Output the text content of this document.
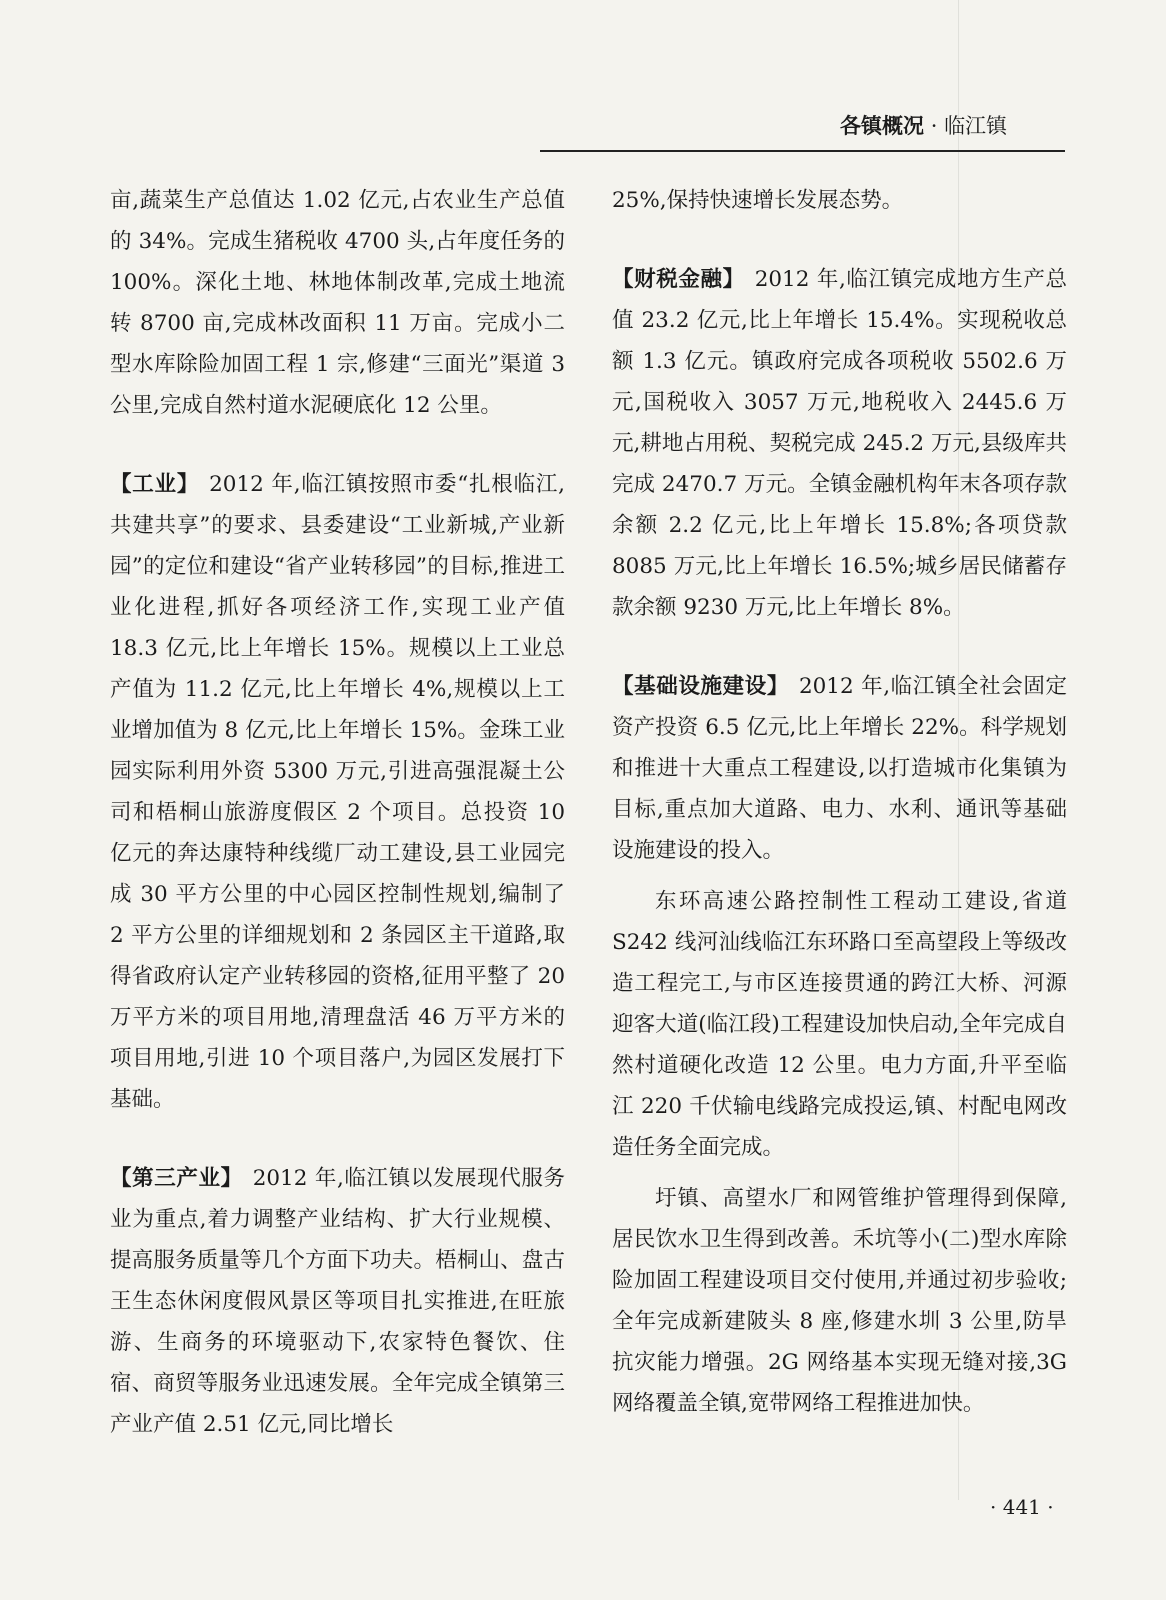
各镇概况 · 临江镇

亩,蔬菜生产总值达 1.02 亿元,占农业生产总值的 34%。完成生猪税收 4700 头,占年度任务的 100%。深化土地、林地体制改革,完成土地流转 8700 亩,完成林改面积 11 万亩。完成小二型水库除险加固工程 1 宗,修建“三面光”渠道 3 公里,完成自然村道水泥硬底化 12 公里。

【工业】 2012 年,临江镇按照市委“扎根临江,共建共享”的要求、县委建设“工业新城,产业新园”的定位和建设“省产业转移园”的目标,推进工业化进程,抓好各项经济工作,实现工业产值 18.3 亿元,比上年增长 15%。规模以上工业总产值为 11.2 亿元,比上年增长 4%,规模以上工业增加值为 8 亿元,比上年增长 15%。金珠工业园实际利用外资 5300 万元,引进高强混凝土公司和梧桐山旅游度假区 2 个项目。总投资 10 亿元的奔达康特种线缆厂动工建设,县工业园完成 30 平方公里的中心园区控制性规划,编制了 2 平方公里的详细规划和 2 条园区主干道路,取得省政府认定产业转移园的资格,征用平整了 20 万平方米的项目用地,清理盘活 46 万平方米的项目用地,引进 10 个项目落户,为园区发展打下基础。

【第三产业】 2012 年,临江镇以发展现代服务业为重点,着力调整产业结构、扩大行业规模、提高服务质量等几个方面下功夫。梧桐山、盘古王生态休闲度假风景区等项目扎实推进,在旺旅游、生商务的环境驱动下,农家特色餐饮、住宿、商贸等服务业迅速发展。全年完成全镇第三产业产值 2.51 亿元,同比增长

25%,保持快速增长发展态势。

【财税金融】 2012 年,临江镇完成地方生产总值 23.2 亿元,比上年增长 15.4%。实现税收总额 1.3 亿元。镇政府完成各项税收 5502.6 万元,国税收入 3057 万元,地税收入 2445.6 万元,耕地占用税、契税完成 245.2 万元,县级库共完成 2470.7 万元。全镇金融机构年末各项存款余额 2.2 亿元,比上年增长 15.8%;各项贷款 8085 万元,比上年增长 16.5%;城乡居民储蓄存款余额 9230 万元,比上年增长 8%。

【基础设施建设】 2012 年,临江镇全社会固定资产投资 6.5 亿元,比上年增长 22%。科学规划和推进十大重点工程建设,以打造城市化集镇为目标,重点加大道路、电力、水利、通讯等基础设施建设的投入。

东环高速公路控制性工程动工建设,省道 S242 线河汕线临江东环路口至高望段上等级改造工程完工,与市区连接贯通的跨江大桥、河源迎客大道(临江段)工程建设加快启动,全年完成自然村道硬化改造 12 公里。电力方面,升平至临江 220 千伏输电线路完成投运,镇、村配电网改造任务全面完成。

圩镇、高望水厂和网管维护管理得到保障,居民饮水卫生得到改善。禾坑等小(二)型水库除险加固工程建设项目交付使用,并通过初步验收;全年完成新建陂头 8 座,修建水圳 3 公里,防旱抗灾能力增强。2G 网络基本实现无缝对接,3G 网络覆盖全镇,宽带网络工程推进加快。

· 441 ·
